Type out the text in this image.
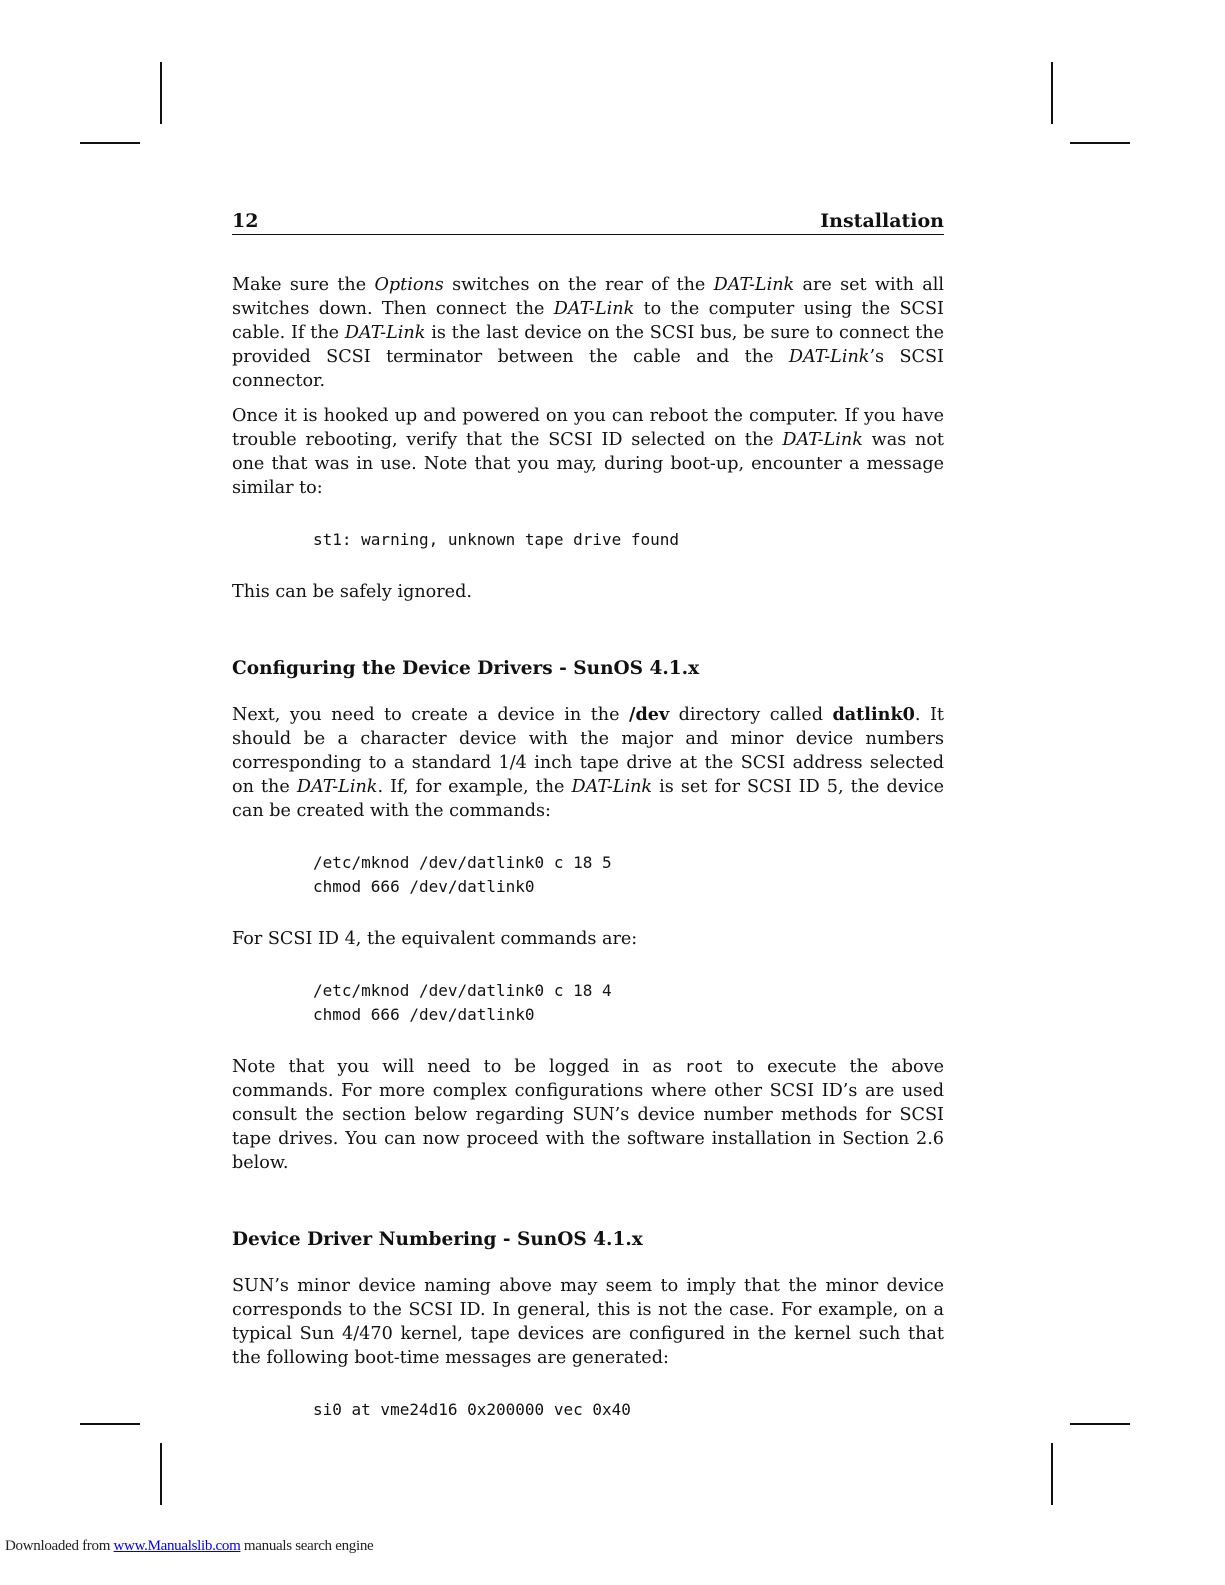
12	Installation

Make sure the Options switches on the rear of the DAT-Link are set with all switches down. Then connect the DAT-Link to the computer using the SCSI cable. If the DAT-Link is the last device on the SCSI bus, be sure to connect the provided SCSI terminator between the cable and the DAT-Link’s SCSI connector.

Once it is hooked up and powered on you can reboot the computer. If you have trouble rebooting, verify that the SCSI ID selected on the DAT-Link was not one that was in use. Note that you may, during boot-up, encounter a message similar to:

st1: warning, unknown tape drive found

This can be safely ignored.

Configuring the Device Drivers - SunOS 4.1.x

Next, you need to create a device in the /dev directory called datlink0. It should be a character device with the major and minor device numbers corresponding to a standard 1/4 inch tape drive at the SCSI address selected on the DAT-Link. If, for example, the DAT-Link is set for SCSI ID 5, the device can be created with the commands:

/etc/mknod /dev/datlink0 c 18 5
chmod 666 /dev/datlink0

For SCSI ID 4, the equivalent commands are:

/etc/mknod /dev/datlink0 c 18 4
chmod 666 /dev/datlink0

Note that you will need to be logged in as root to execute the above commands. For more complex configurations where other SCSI ID’s are used consult the section below regarding SUN’s device number methods for SCSI tape drives. You can now proceed with the software installation in Section 2.6 below.

Device Driver Numbering - SunOS 4.1.x

SUN’s minor device naming above may seem to imply that the minor device corresponds to the SCSI ID. In general, this is not the case. For example, on a typical Sun 4/470 kernel, tape devices are configured in the kernel such that the following boot-time messages are generated:

si0 at vme24d16 0x200000 vec 0x40
Downloaded from www.Manualslib.com manuals search engine
